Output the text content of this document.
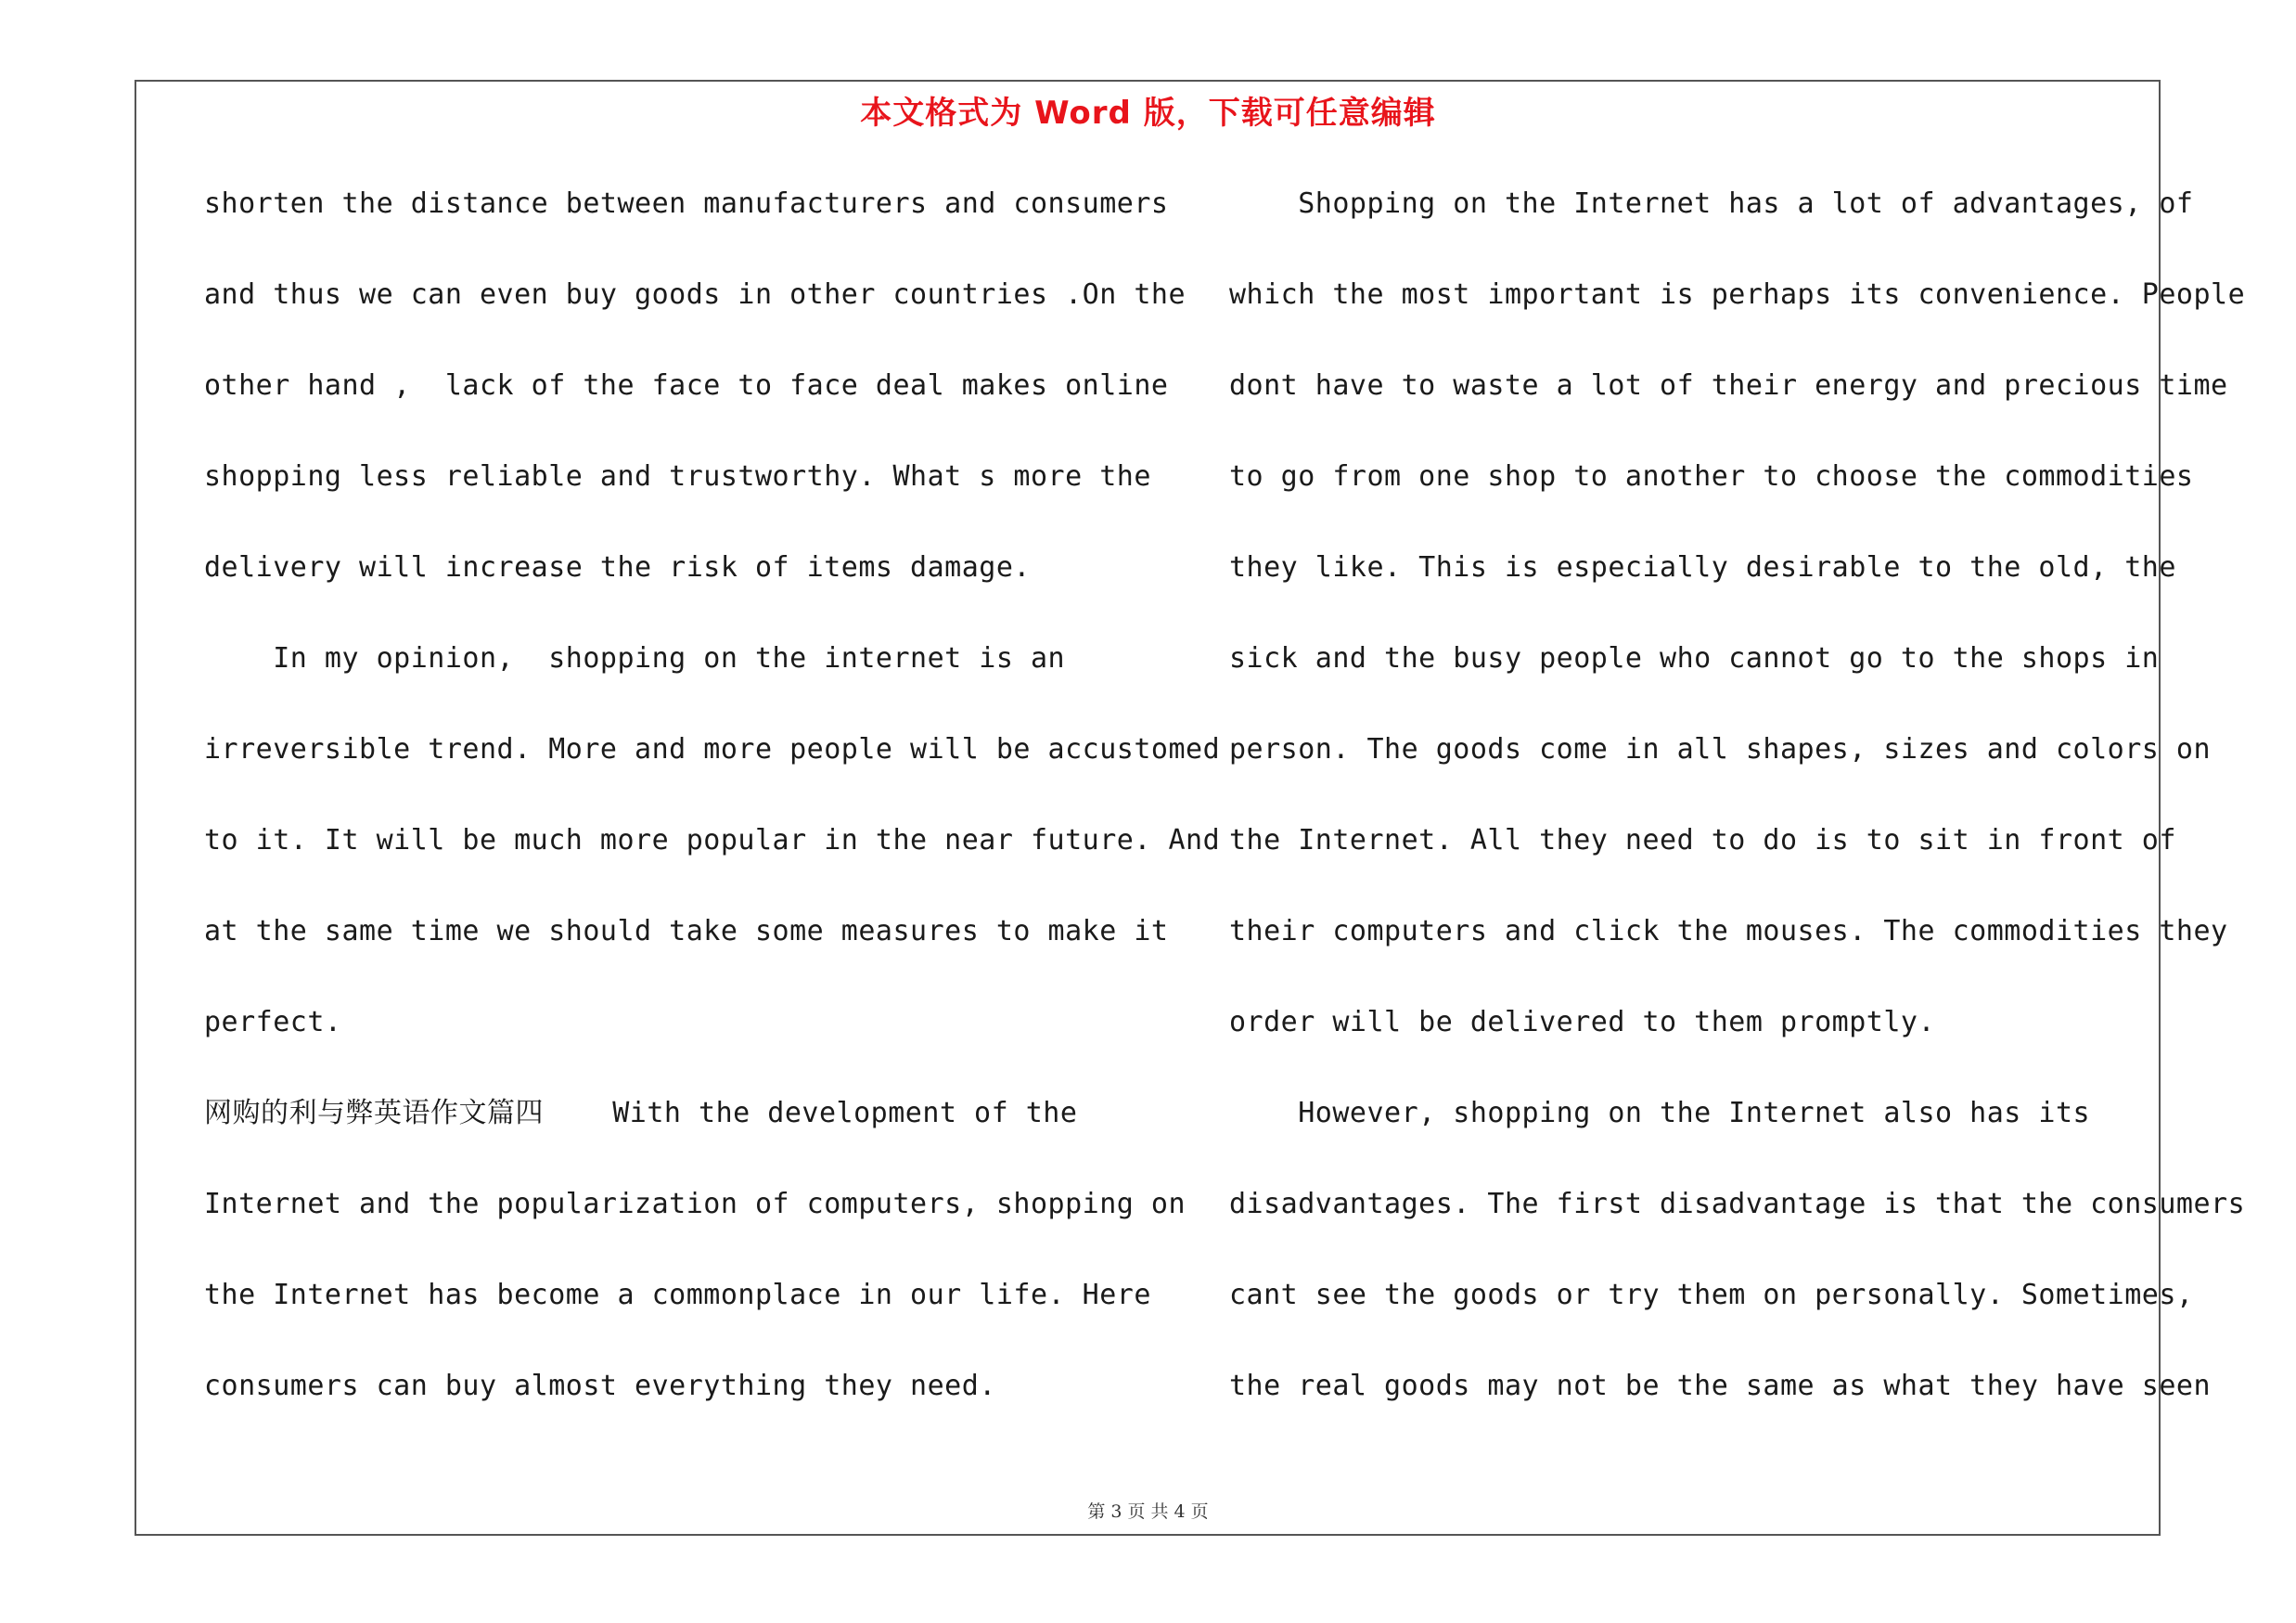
本文格式为 Word 版，下载可任意编辑
shorten the distance between manufacturers and consumers
and thus we can even buy goods in other countries .On the
other hand ,  lack of the face to face deal makes online
shopping less reliable and trustworthy. What s more the
delivery will increase the risk of items damage.
In my opinion,  shopping on the internet is an
irreversible trend. More and more people will be accustomed
to it. It will be much more popular in the near future. And
at the same time we should take some measures to make it
perfect.
网购的利与弊英语作文篇四    With the development of the
Internet and the popularization of computers, shopping on
the Internet has become a commonplace in our life. Here
consumers can buy almost everything they need.
Shopping on the Internet has a lot of advantages, of
which the most important is perhaps its convenience. People
dont have to waste a lot of their energy and precious time
to go from one shop to another to choose the commodities
they like. This is especially desirable to the old, the
sick and the busy people who cannot go to the shops in
person. The goods come in all shapes, sizes and colors on
the Internet. All they need to do is to sit in front of
their computers and click the mouses. The commodities they
order will be delivered to them promptly.
However, shopping on the Internet also has its
disadvantages. The first disadvantage is that the consumers
cant see the goods or try them on personally. Sometimes,
the real goods may not be the same as what they have seen
第 3 页 共 4 页
